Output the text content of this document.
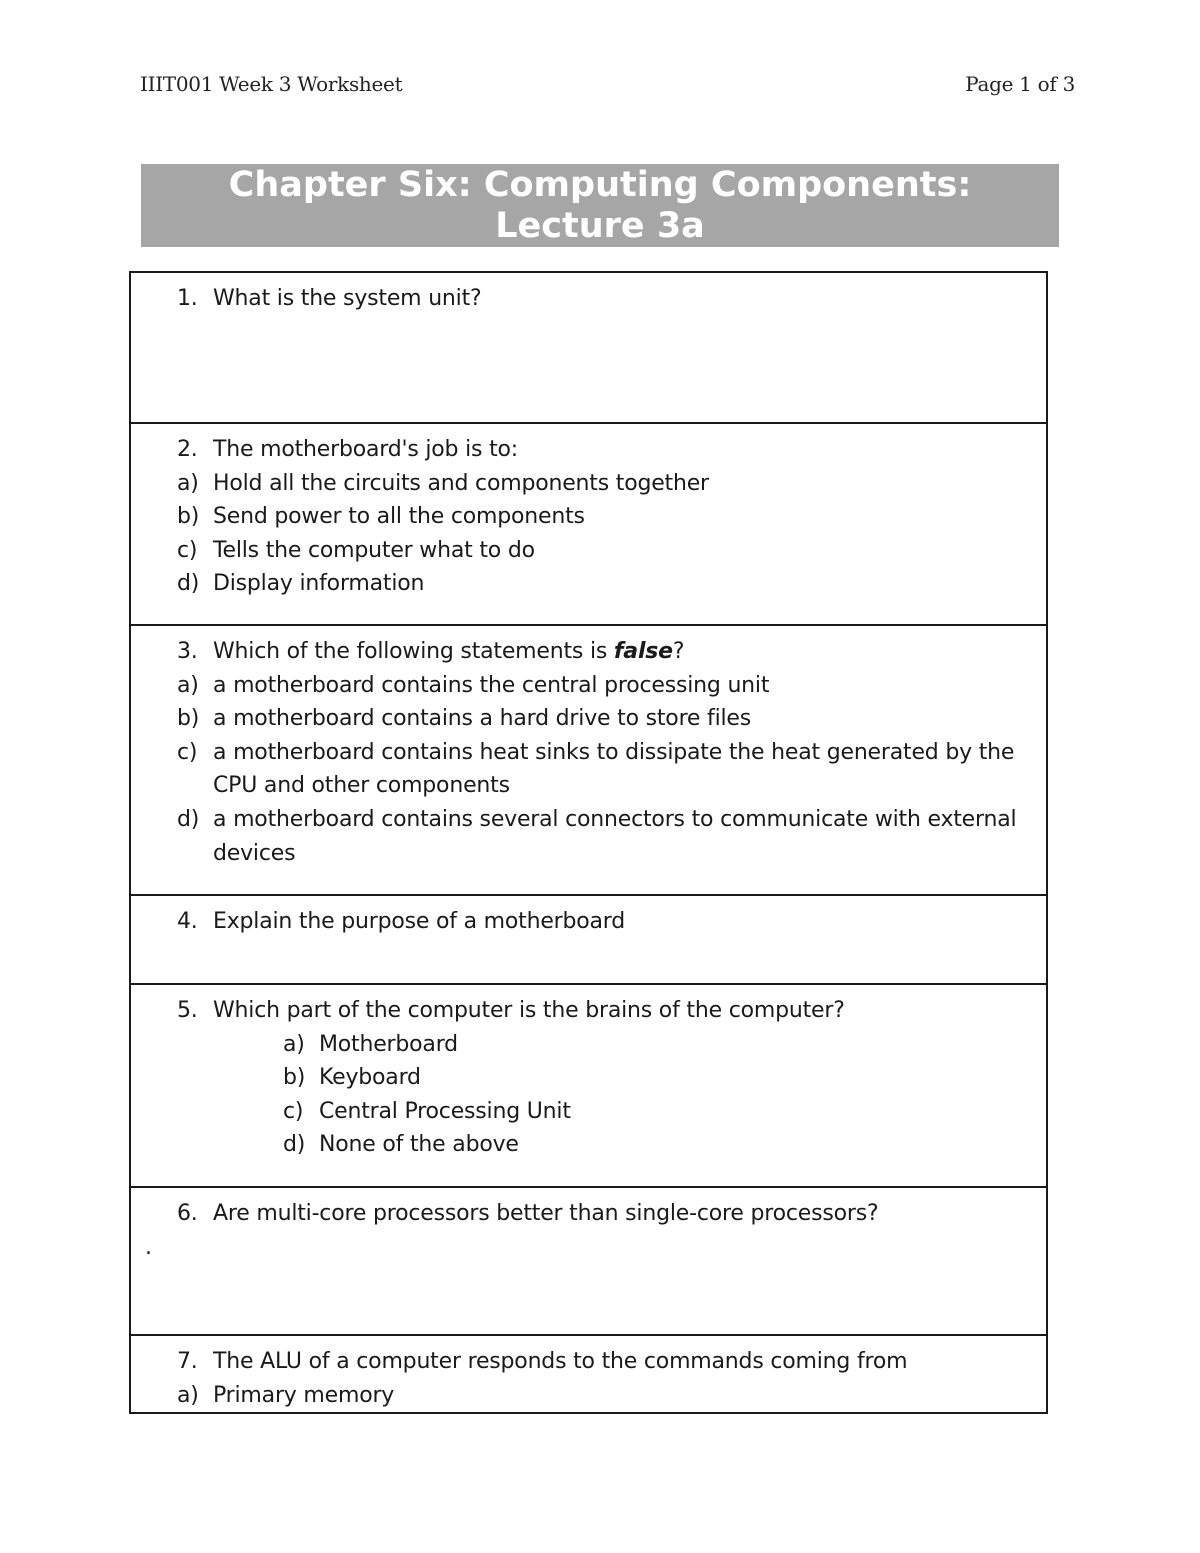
IIIT001 Week 3 Worksheet	Page 1 of 3
Chapter Six: Computing Components:
Lecture 3a
1. What is the system unit?
2. The motherboard's job is to:
a) Hold all the circuits and components together
b) Send power to all the components
c) Tells the computer what to do
d) Display information
3. Which of the following statements is false?
a) a motherboard contains the central processing unit
b) a motherboard contains a hard drive to store files
c) a motherboard contains heat sinks to dissipate the heat generated by the CPU and other components
d) a motherboard contains several connectors to communicate with external devices
4. Explain the purpose of a motherboard
5. Which part of the computer is the brains of the computer?
a) Motherboard
b) Keyboard
c) Central Processing Unit
d) None of the above
6. Are multi-core processors better than single-core processors?
.
7. The ALU of a computer responds to the commands coming from
a) Primary memory
